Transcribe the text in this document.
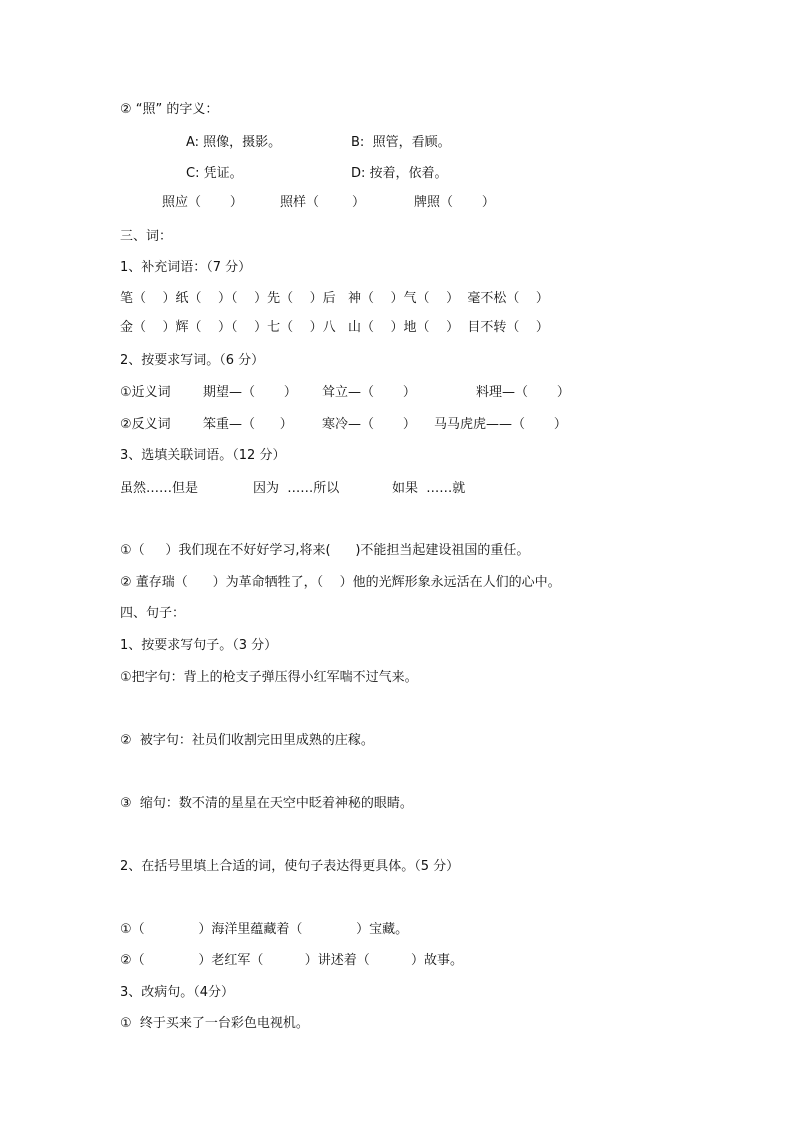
② “照” 的字义：
A: 照像，摄影。	B:  照管，看顾。
C: 凭证。	D: 按着，依着。
照应（       ）	照样（        ）	牌照（       ）
三、词：
1、补充词语：（7 分）
笔（    ）纸（    ）（    ）先（    ）后   神（    ）气（    ）  毫不松（    ）
金（    ）辉（    ）（    ）七（    ）八   山（    ）地（    ）  目不转（    ）
2、按要求写词。（6 分）
①近义词 期望—（       ） 耸立—（       ）	料理—（       ）
②反义词 笨重—（      ） 寒冷—（       ） 马马虎虎——（       ）
3、选填关联词语。（12 分）
虽然……但是	因为  ……所以	如果  ……就
①（     ）我们现在不好好学习,将来(      )不能担当起建设祖国的重任。
② 董存瑞（      ）为革命牺牲了，（    ）他的光辉形象永远活在人们的心中。
四、句子：
1、按要求写句子。（3 分）
①把字句：背上的枪支子弹压得小红军喘不过气来。
②  被字句：社员们收割完田里成熟的庄稼。
③  缩句：数不清的星星在天空中眨着神秘的眼睛。
2、在括号里填上合适的词，使句子表达得更具体。（5 分）
①（             ）海洋里蕴藏着（             ）宝藏。
②（             ）老红军（          ）讲述着（          ）故事。
3、改病句。（4分）
①  终于买来了一台彩色电视机。
